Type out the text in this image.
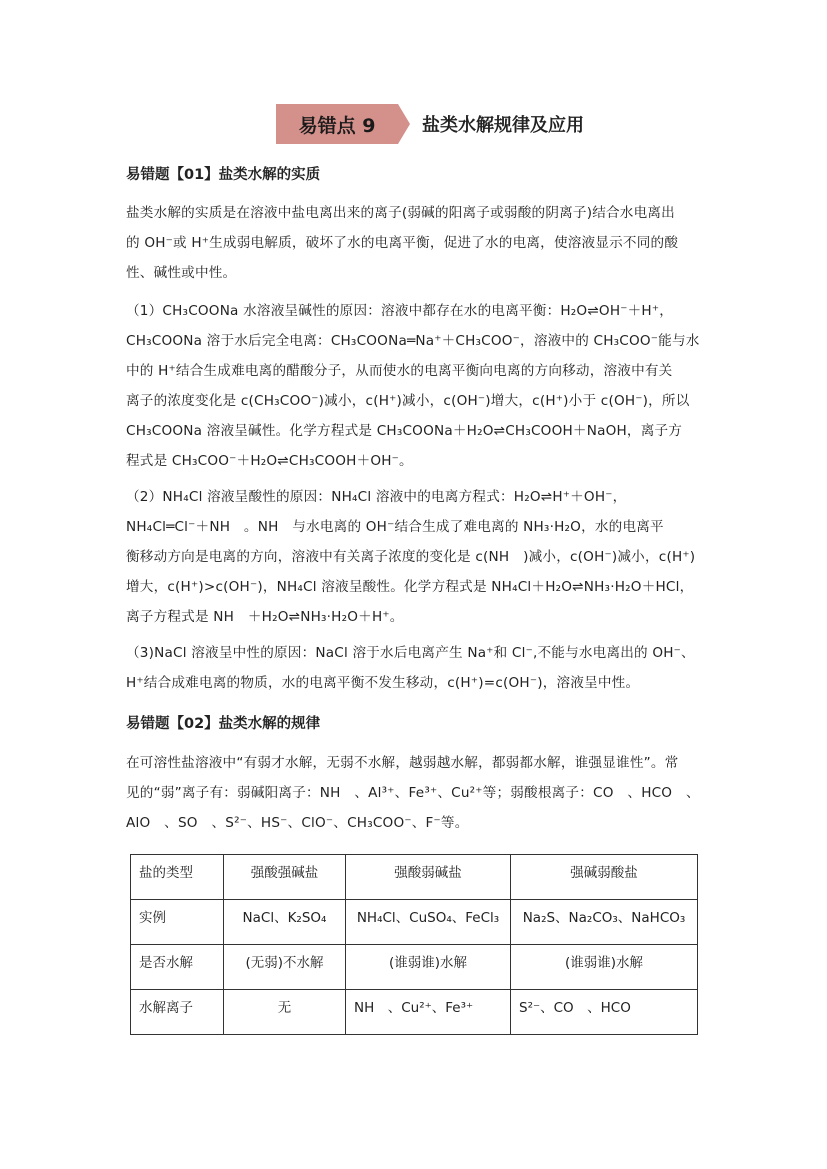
易错点 9	盐类水解规律及应用
易错题【01】盐类水解的实质
盐类水解的实质是在溶液中盐电离出来的离子(弱碱的阳离子或弱酸的阴离子)结合水电离出
的 OH⁻或 H⁺生成弱电解质，破坏了水的电离平衡，促进了水的电离，使溶液显示不同的酸
性、碱性或中性。
（1）CH₃COONa 水溶液呈碱性的原因：溶液中都存在水的电离平衡：H₂O⇌OH⁻＋H⁺，
CH₃COONa 溶于水后完全电离：CH₃COONa═Na⁺＋CH₃COO⁻，溶液中的 CH₃COO⁻能与水
中的 H⁺结合生成难电离的醋酸分子，从而使水的电离平衡向电离的方向移动，溶液中有关
离子的浓度变化是 c(CH₃COO⁻)减小，c(H⁺)减小，c(OH⁻)增大，c(H⁺)小于 c(OH⁻)，所以
CH₃COONa 溶液呈碱性。化学方程式是 CH₃COONa＋H₂O⇌CH₃COOH＋NaOH，离子方
程式是 CH₃COO⁻＋H₂O⇌CH₃COOH＋OH⁻。
（2）NH₄Cl 溶液呈酸性的原因：NH₄Cl 溶液中的电离方程式：H₂O⇌H⁺＋OH⁻，
NH₄Cl═Cl⁻＋NH　。NH　与水电离的 OH⁻结合生成了难电离的 NH₃·H₂O，水的电离平
衡移动方向是电离的方向，溶液中有关离子浓度的变化是 c(NH　)减小，c(OH⁻)减小，c(H⁺)
增大，c(H⁺)>c(OH⁻)，NH₄Cl 溶液呈酸性。化学方程式是 NH₄Cl＋H₂O⇌NH₃·H₂O＋HCl，
离子方程式是 NH　＋H₂O⇌NH₃·H₂O＋H⁺。
（3)NaCl 溶液呈中性的原因：NaCl 溶于水后电离产生 Na⁺和 Cl⁻,不能与水电离出的 OH⁻、
H⁺结合成难电离的物质，水的电离平衡不发生移动，c(H⁺)=c(OH⁻)，溶液呈中性。
易错题【02】盐类水解的规律
在可溶性盐溶液中“有弱才水解，无弱不水解，越弱越水解，都弱都水解，谁强显谁性”。常
见的“弱”离子有：弱碱阳离子：NH　、Al³⁺、Fe³⁺、Cu²⁺等；弱酸根离子：CO　、HCO　、
AlO　、SO　、S²⁻、HS⁻、ClO⁻、CH₃COO⁻、F⁻等。
盐的类型	强酸强碱盐	强酸弱碱盐	强碱弱酸盐
实例	NaCl、K₂SO₄	NH₄Cl、CuSO₄、FeCl₃	Na₂S、Na₂CO₃、NaHCO₃
是否水解	(无弱)不水解	(谁弱谁)水解	(谁弱谁)水解
水解离子	无	NH　、Cu²⁺、Fe³⁺	S²⁻、CO　、HCO
